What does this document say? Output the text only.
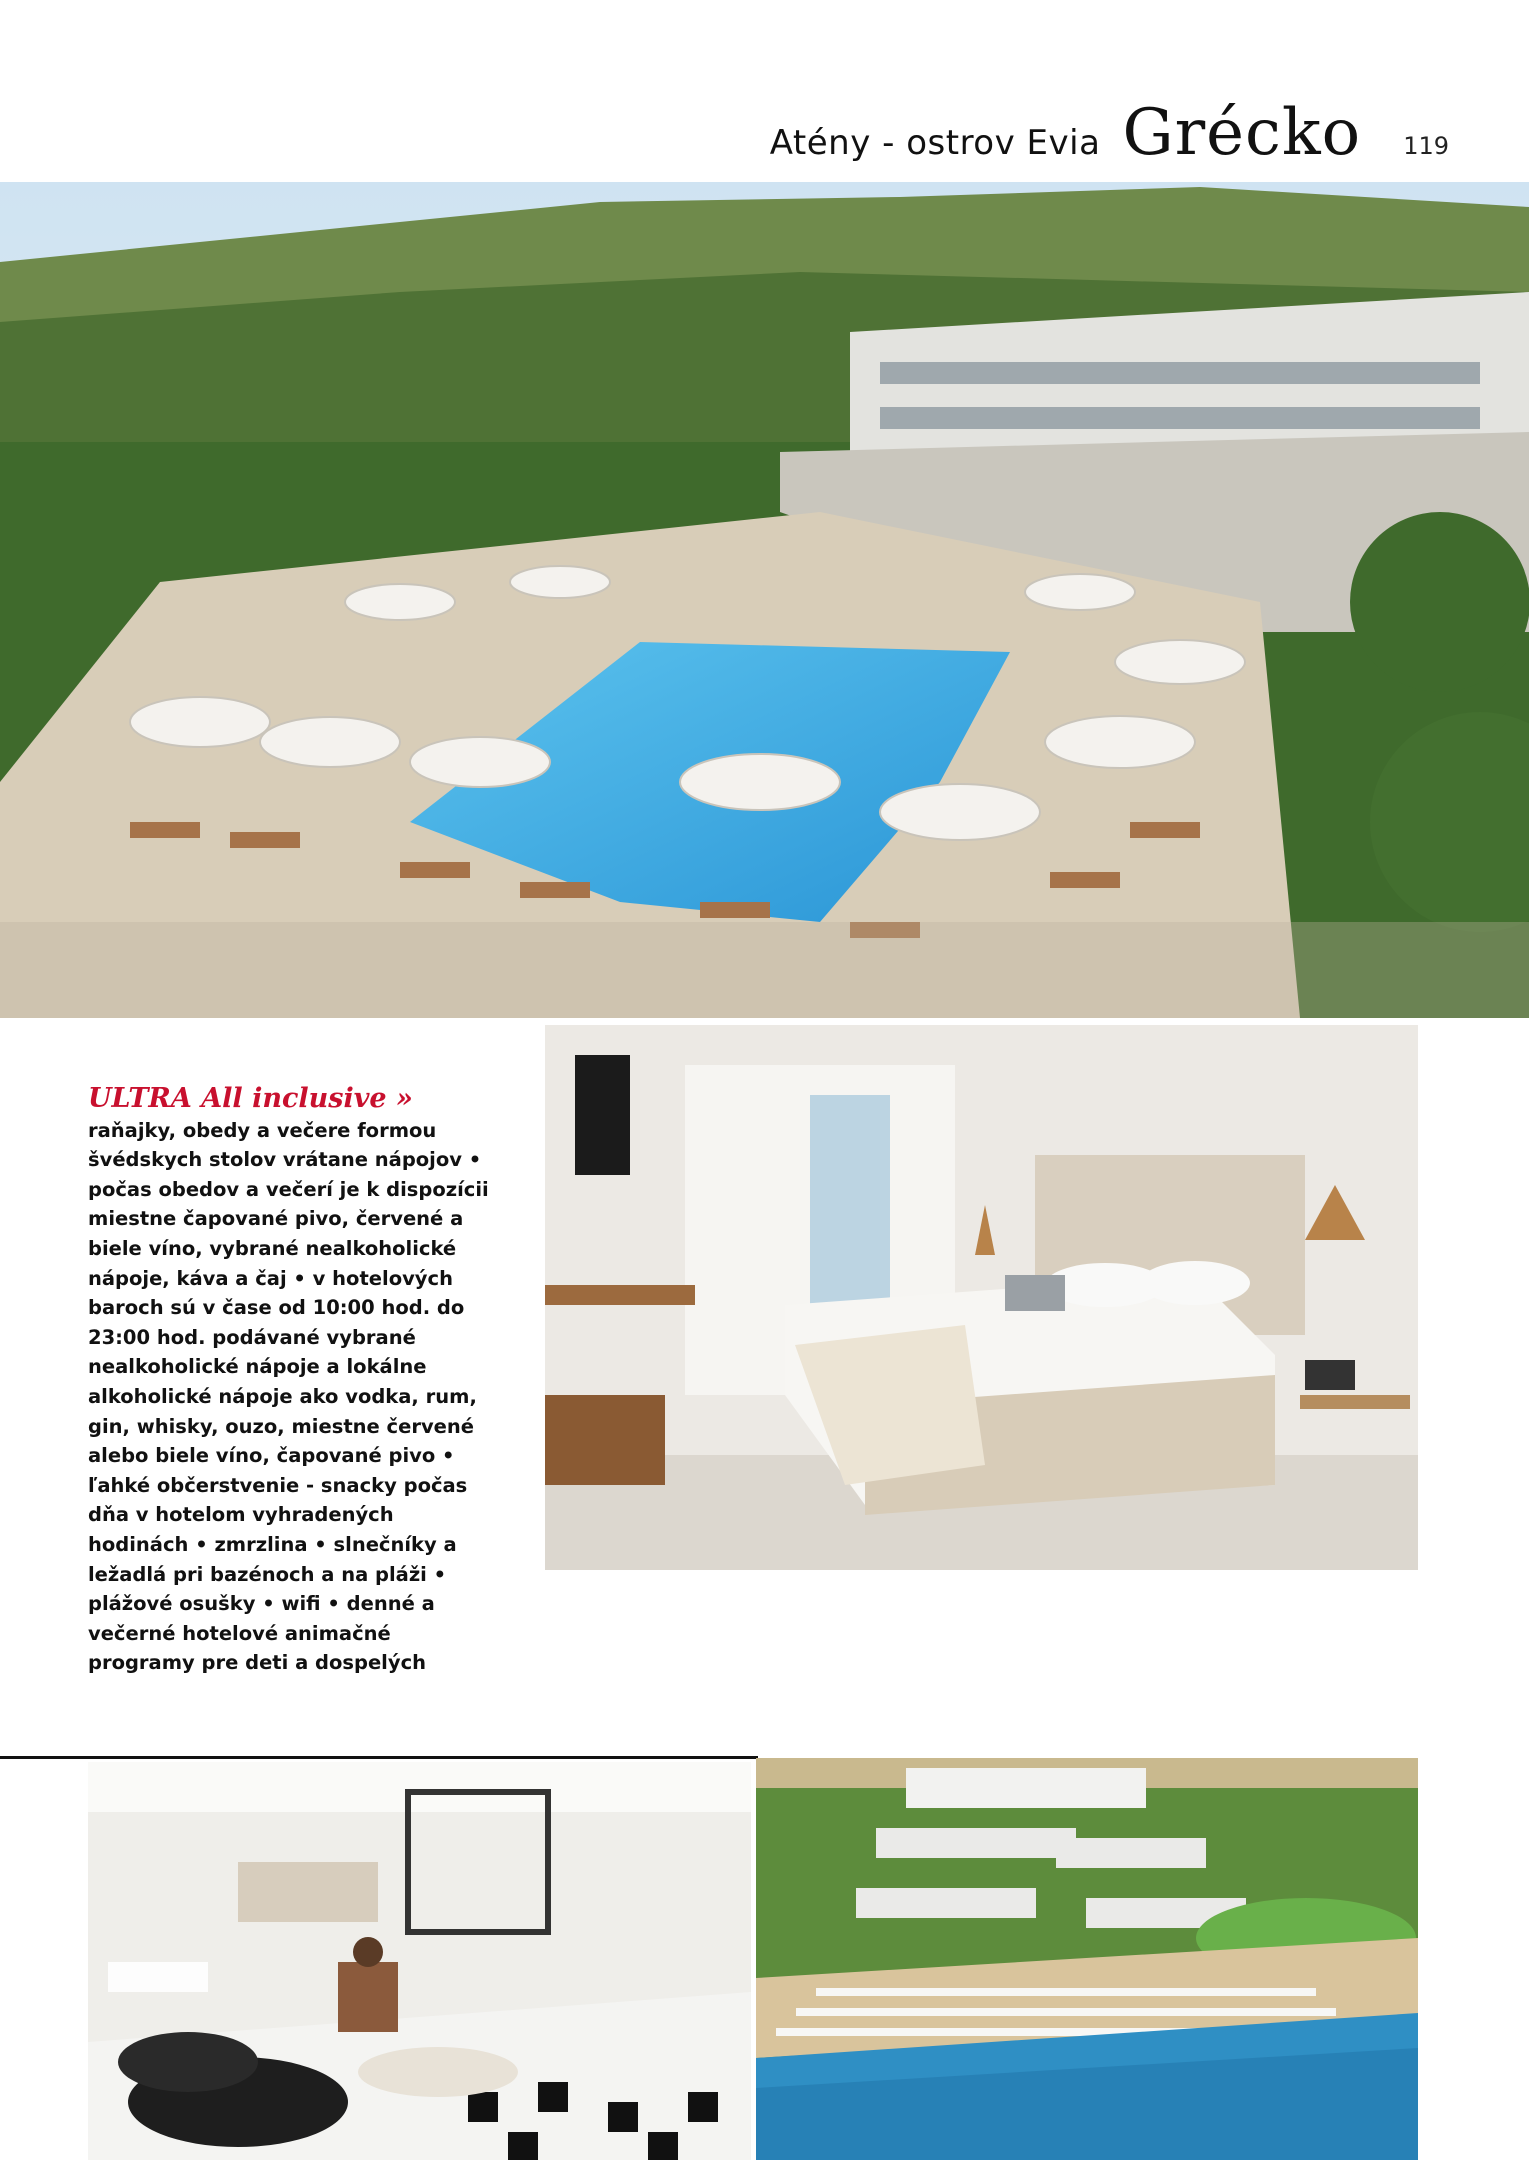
Atény - ostrov Evia Grécko 119

ULTRA All inclusive » raňajky, obedy a večere formou švédskych stolov vrátane nápojov • počas obedov a večerí je k dispozícii miestne čapované pivo, červené a biele víno, vybrané nealkoholické nápoje, káva a čaj • v hotelových baroch sú v čase od 10:00 hod. do 23:00 hod. podávané vybrané nealkoholické nápoje a lokálne alkoholické nápoje ako vodka, rum, gin, whisky, ouzo, miestne červené alebo biele víno, čapované pivo • ľahké občerstvenie - snacky počas dňa v hotelom vyhradených hodinách • zmrzlina • slnečníky a ležadlá pri bazénoch a na pláži • plážové osušky • wifi • denné a večerné hotelové animačné programy pre deti a dospelých
